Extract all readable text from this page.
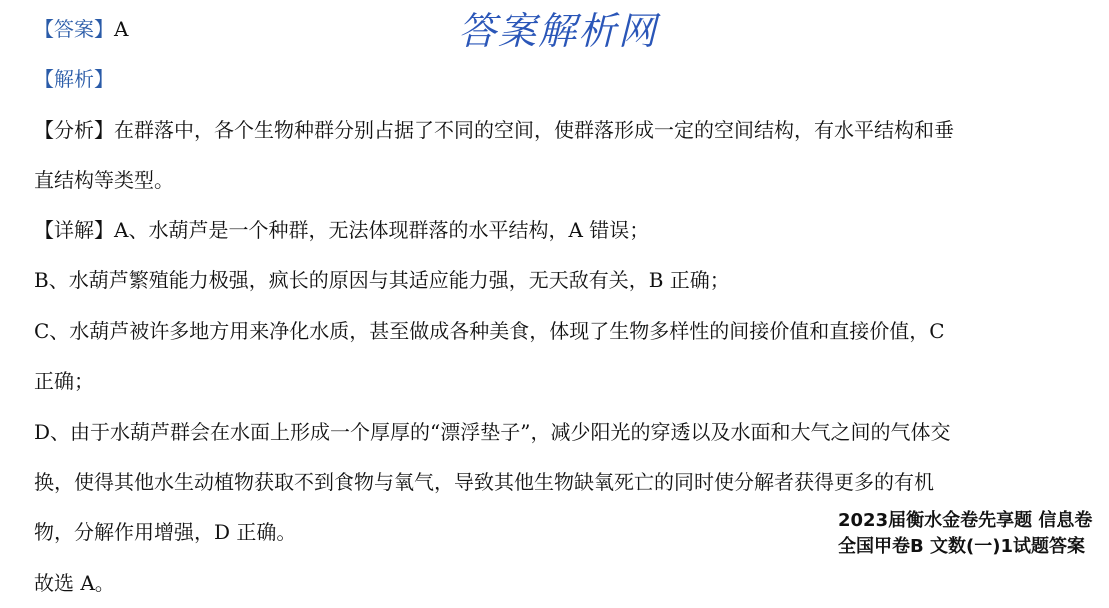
答案解析网
【答案】A
【解析】
【分析】在群落中，各个生物种群分别占据了不同的空间，使群落形成一定的空间结构，有水平结构和垂
直结构等类型。
【详解】A、水葫芦是一个种群，无法体现群落的水平结构，A 错误；
B、水葫芦繁殖能力极强，疯长的原因与其适应能力强，无天敌有关，B 正确；
C、水葫芦被许多地方用来净化水质，甚至做成各种美食，体现了生物多样性的间接价值和直接价值，C
正确；
D、由于水葫芦群会在水面上形成一个厚厚的“漂浮垫子”，减少阳光的穿透以及水面和大气之间的气体交
换，使得其他水生动植物获取不到食物与氧气，导致其他生物缺氧死亡的同时使分解者获得更多的有机
物，分解作用增强，D 正确。
故选 A。
2023届衡水金卷先享题 信息卷 全国甲卷B 文数(一)1试题答案
